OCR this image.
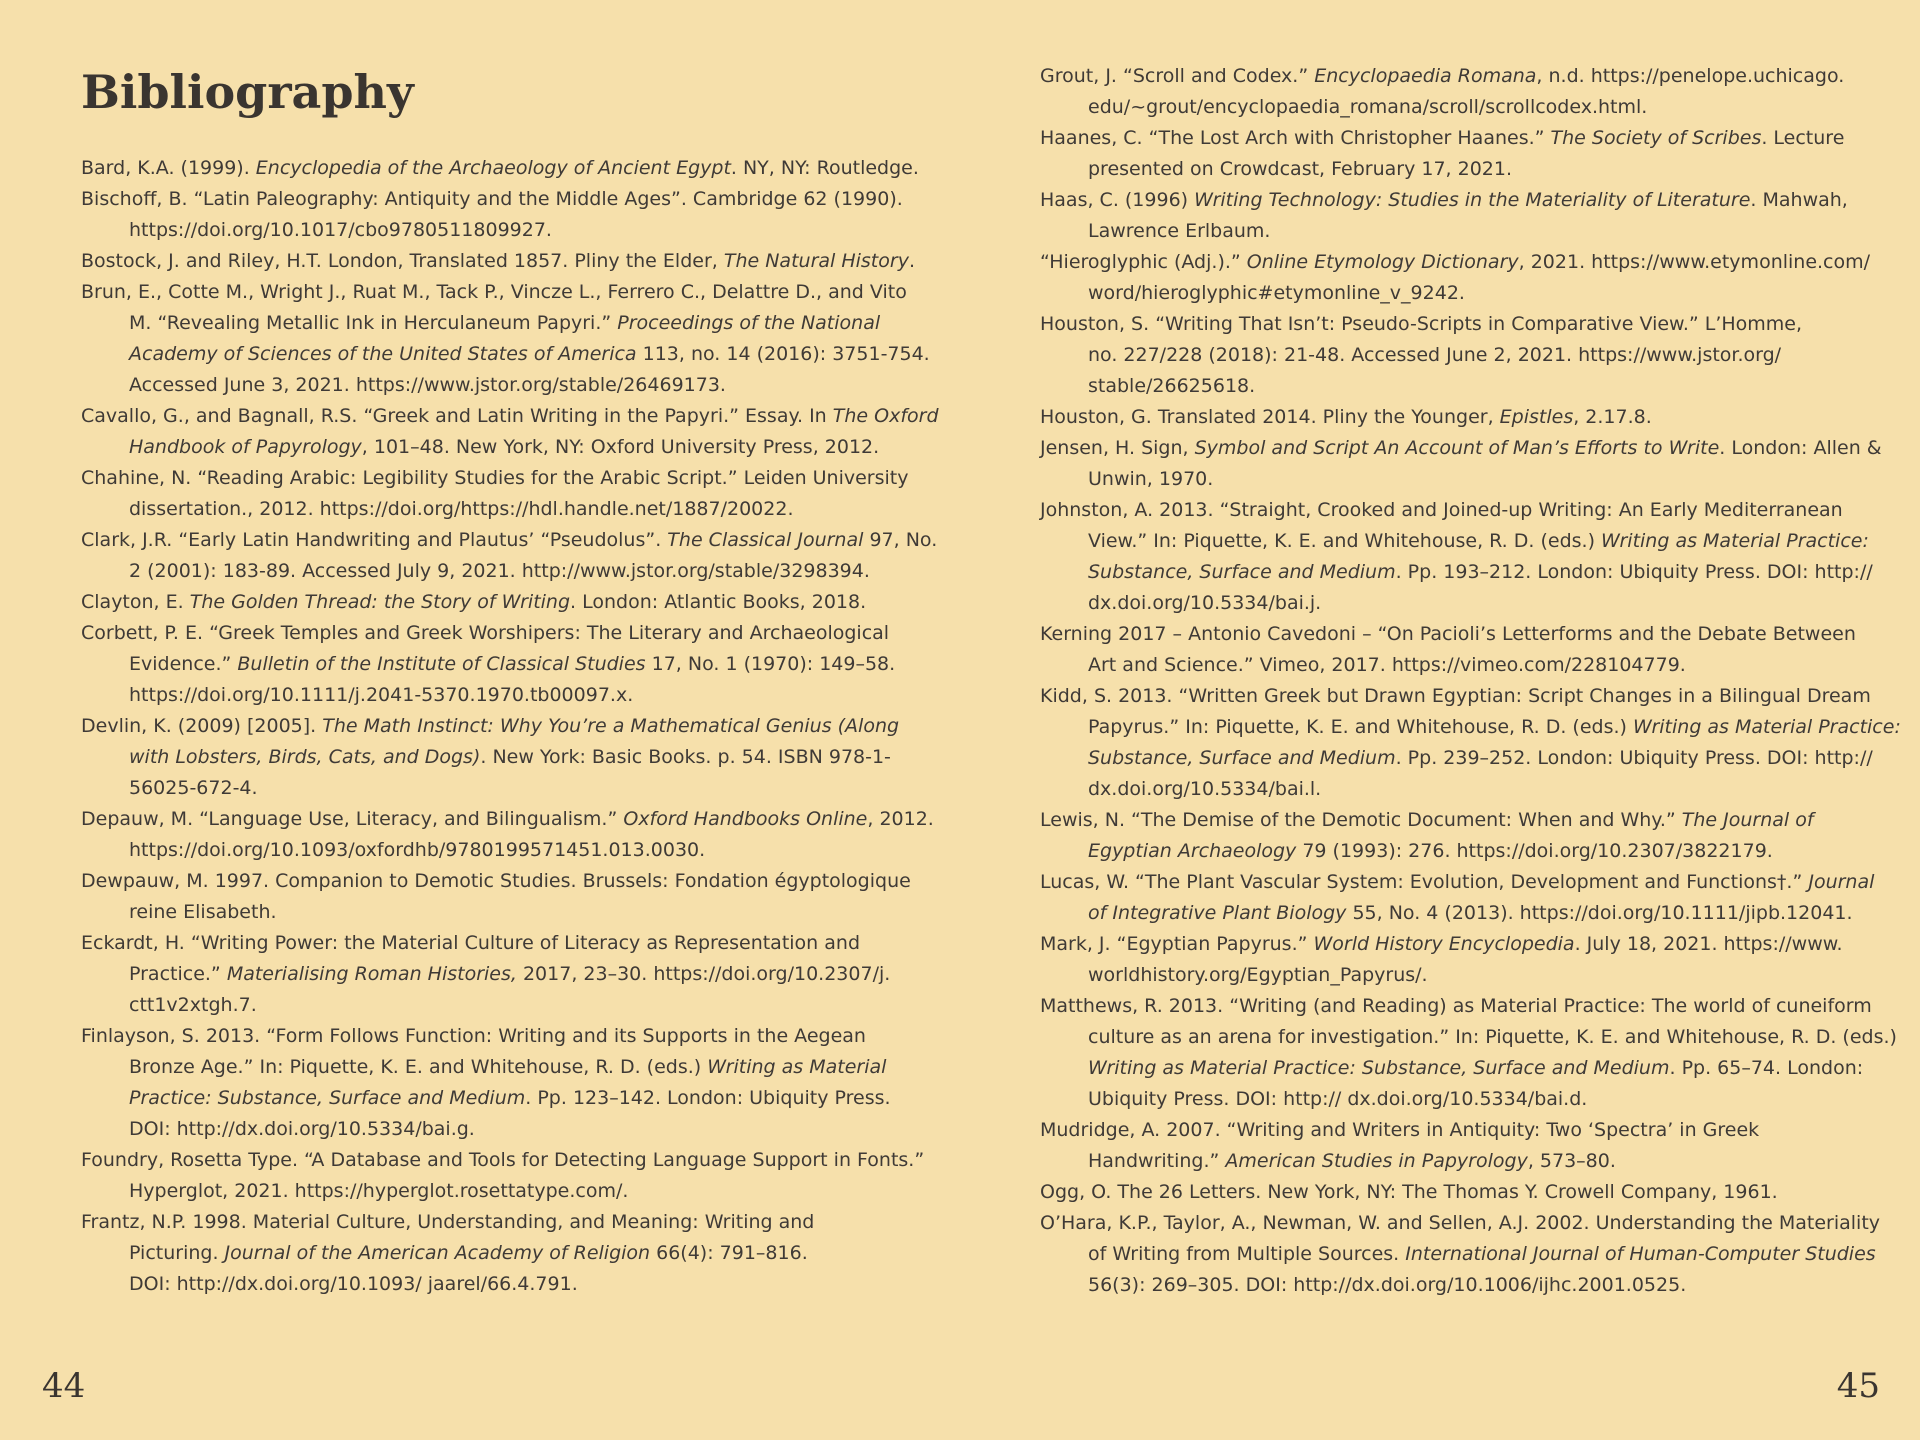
Bibliography
Bard, K.A. (1999). Encyclopedia of the Archaeology of Ancient Egypt. NY, NY: Routledge.
Bischoff, B. “Latin Paleography: Antiquity and the Middle Ages”. Cambridge 62 (1990).
https://doi.org/10.1017/cbo9780511809927.
Bostock, J. and Riley, H.T. London, Translated 1857. Pliny the Elder, The Natural History.
Brun, E., Cotte M., Wright J., Ruat M., Tack P., Vincze L., Ferrero C., Delattre D., and Vito
M. “Revealing Metallic Ink in Herculaneum Papyri.” Proceedings of the National
Academy of Sciences of the United States of America 113, no. 14 (2016): 3751-754.
Accessed June 3, 2021. https://www.jstor.org/stable/26469173.
Cavallo, G., and Bagnall, R.S. “Greek and Latin Writing in the Papyri.” Essay. In The Oxford
Handbook of Papyrology, 101–48. New York, NY: Oxford University Press, 2012.
Chahine, N. “Reading Arabic: Legibility Studies for the Arabic Script.” Leiden University
dissertation., 2012. https://doi.org/https://hdl.handle.net/1887/20022.
Clark, J.R. “Early Latin Handwriting and Plautus’ “Pseudolus”. The Classical Journal 97, No.
2 (2001): 183-89. Accessed July 9, 2021. http://www.jstor.org/stable/3298394.
Clayton, E. The Golden Thread: the Story of Writing. London: Atlantic Books, 2018.
Corbett, P. E. “Greek Temples and Greek Worshipers: The Literary and Archaeological
Evidence.” Bulletin of the Institute of Classical Studies 17, No. 1 (1970): 149–58.
https://doi.org/10.1111/j.2041-5370.1970.tb00097.x.
Devlin, K. (2009) [2005]. The Math Instinct: Why You’re a Mathematical Genius (Along
with Lobsters, Birds, Cats, and Dogs). New York: Basic Books. p. 54. ISBN 978-1-
56025-672-4.
Depauw, M. “Language Use, Literacy, and Bilingualism.” Oxford Handbooks Online, 2012.
https://doi.org/10.1093/oxfordhb/9780199571451.013.0030.
Dewpauw, M. 1997. Companion to Demotic Studies. Brussels: Fondation égyptologique
reine Elisabeth.
Eckardt, H. “Writing Power: the Material Culture of Literacy as Representation and
Practice.” Materialising Roman Histories, 2017, 23–30. https://doi.org/10.2307/j.
ctt1v2xtgh.7.
Finlayson, S. 2013. “Form Follows Function: Writing and its Supports in the Aegean
Bronze Age.” In: Piquette, K. E. and Whitehouse, R. D. (eds.) Writing as Material
Practice: Substance, Surface and Medium. Pp. 123–142. London: Ubiquity Press.
DOI: http://dx.doi.org/10.5334/bai.g.
Foundry, Rosetta Type. “A Database and Tools for Detecting Language Support in Fonts.”
Hyperglot, 2021. https://hyperglot.rosettatype.com/.
Frantz, N.P. 1998. Material Culture, Understanding, and Meaning: Writing and
Picturing. Journal of the American Academy of Religion 66(4): 791–816.
DOI: http://dx.doi.org/10.1093/ jaarel/66.4.791.
44
Grout, J. “Scroll and Codex.” Encyclopaedia Romana, n.d. https://penelope.uchicago.
edu/~grout/encyclopaedia_romana/scroll/scrollcodex.html.
Haanes, C. “The Lost Arch with Christopher Haanes.” The Society of Scribes. Lecture
presented on Crowdcast, February 17, 2021.
Haas, C. (1996) Writing Technology: Studies in the Materiality of Literature. Mahwah,
Lawrence Erlbaum.
“Hieroglyphic (Adj.).” Online Etymology Dictionary, 2021. https://www.etymonline.com/
word/hieroglyphic#etymonline_v_9242.
Houston, S. “Writing That Isn’t: Pseudo-Scripts in Comparative View.” L’Homme,
no. 227/228 (2018): 21-48. Accessed June 2, 2021. https://www.jstor.org/
stable/26625618.
Houston, G. Translated 2014. Pliny the Younger, Epistles, 2.17.8.
Jensen, H. Sign, Symbol and Script An Account of Man’s Efforts to Write. London: Allen &
Unwin, 1970.
Johnston, A. 2013. “Straight, Crooked and Joined-up Writing: An Early Mediterranean
View.” In: Piquette, K. E. and Whitehouse, R. D. (eds.) Writing as Material Practice:
Substance, Surface and Medium. Pp. 193–212. London: Ubiquity Press. DOI: http://
dx.doi.org/10.5334/bai.j.
Kerning 2017 – Antonio Cavedoni – “On Pacioli’s Letterforms and the Debate Between
Art and Science.” Vimeo, 2017. https://vimeo.com/228104779.
Kidd, S. 2013. “Written Greek but Drawn Egyptian: Script Changes in a Bilingual Dream
Papyrus.” In: Piquette, K. E. and Whitehouse, R. D. (eds.) Writing as Material Practice:
Substance, Surface and Medium. Pp. 239–252. London: Ubiquity Press. DOI: http://
dx.doi.org/10.5334/bai.l.
Lewis, N. “The Demise of the Demotic Document: When and Why.” The Journal of
Egyptian Archaeology 79 (1993): 276. https://doi.org/10.2307/3822179.
Lucas, W. “The Plant Vascular System: Evolution, Development and Functions†.” Journal
of Integrative Plant Biology 55, No. 4 (2013). https://doi.org/10.1111/jipb.12041.
Mark, J. “Egyptian Papyrus.” World History Encyclopedia. July 18, 2021. https://www.
worldhistory.org/Egyptian_Papyrus/.
Matthews, R. 2013. “Writing (and Reading) as Material Practice: The world of cuneiform
culture as an arena for investigation.” In: Piquette, K. E. and Whitehouse, R. D. (eds.)
Writing as Material Practice: Substance, Surface and Medium. Pp. 65–74. London:
Ubiquity Press. DOI: http:// dx.doi.org/10.5334/bai.d.
Mudridge, A. 2007. “Writing and Writers in Antiquity: Two ‘Spectra’ in Greek
Handwriting.” American Studies in Papyrology, 573–80.
Ogg, O. The 26 Letters. New York, NY: The Thomas Y. Crowell Company, 1961.
O’Hara, K.P., Taylor, A., Newman, W. and Sellen, A.J. 2002. Understanding the Materiality
of Writing from Multiple Sources. International Journal of Human-Computer Studies
56(3): 269–305. DOI: http://dx.doi.org/10.1006/ijhc.2001.0525.
45
